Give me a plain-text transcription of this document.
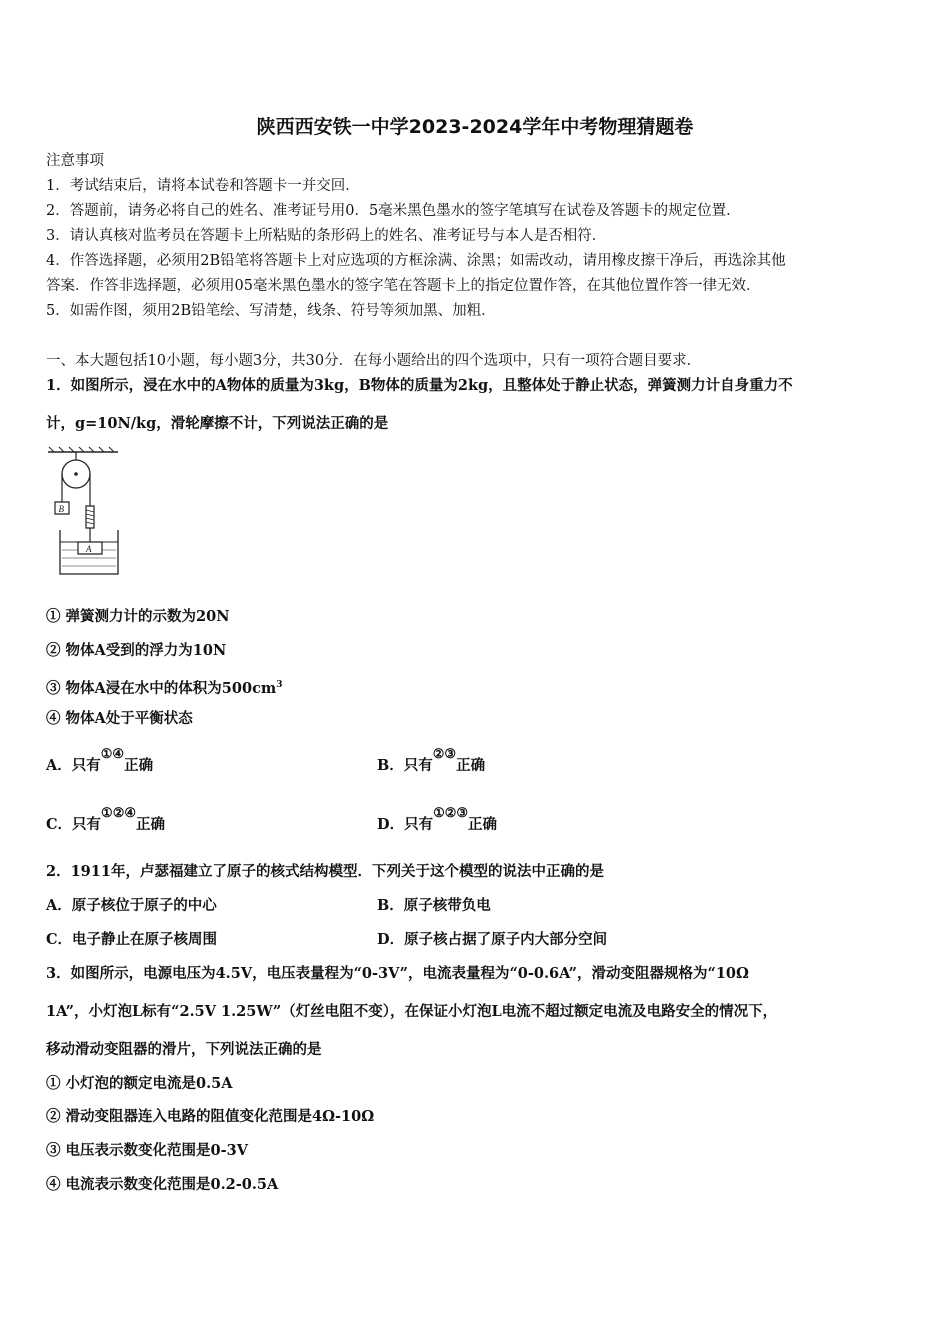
陕西西安铁一中学2023-2024学年中考物理猜题卷
注意事项
1．考试结束后，请将本试卷和答题卡一并交回．
2．答题前，请务必将自己的姓名、准考证号用0．5毫米黑色墨水的签字笔填写在试卷及答题卡的规定位置．
3．请认真核对监考员在答题卡上所粘贴的条形码上的姓名、准考证号与本人是否相符．
4．作答选择题，必须用2B铅笔将答题卡上对应选项的方框涂满、涂黑；如需改动，请用橡皮擦干净后，再选涂其他
答案．作答非选择题，必须用05毫米黑色墨水的签字笔在答题卡上的指定位置作答，在其他位置作答一律无效．
5．如需作图，须用2B铅笔绘、写清楚，线条、符号等须加黑、加粗．
一、本大题包括10小题，每小题3分，共30分．在每小题给出的四个选项中，只有一项符合题目要求．
1．如图所示，浸在水中的A物体的质量为3kg，B物体的质量为2kg，且整体处于静止状态，弹簧测力计自身重力不
计，g=10N/kg，滑轮摩擦不计，下列说法正确的是
B
A
① 弹簧测力计的示数为20N
② 物体A受到的浮力为10N
③ 物体A浸在水中的体积为$500cm^3$
④ 物体A处于平衡状态
A．只有①④正确	B．只有②③正确
C．只有①②④正确	D．只有①②③正确
2．1911年，卢瑟福建立了原子的核式结构模型．下列关于这个模型的说法中正确的是
A．原子核位于原子的中心	B．原子核带负电
C．电子静止在原子核周围	D．原子核占据了原子内大部分空间
3．如图所示，电源电压为4.5V，电压表量程为“0-3V”，电流表量程为“0-0.6A”，滑动变阻器规格为“10Ω
1A”，小灯泡L标有“2.5V 1.25W”（灯丝电阻不变），在保证小灯泡L电流不超过额定电流及电路安全的情况下，
移动滑动变阻器的滑片，下列说法正确的是
① 小灯泡的额定电流是0.5A
② 滑动变阻器连入电路的阻值变化范围是4Ω-10Ω
③ 电压表示数变化范围是0-3V
④ 电流表示数变化范围是0.2-0.5A
